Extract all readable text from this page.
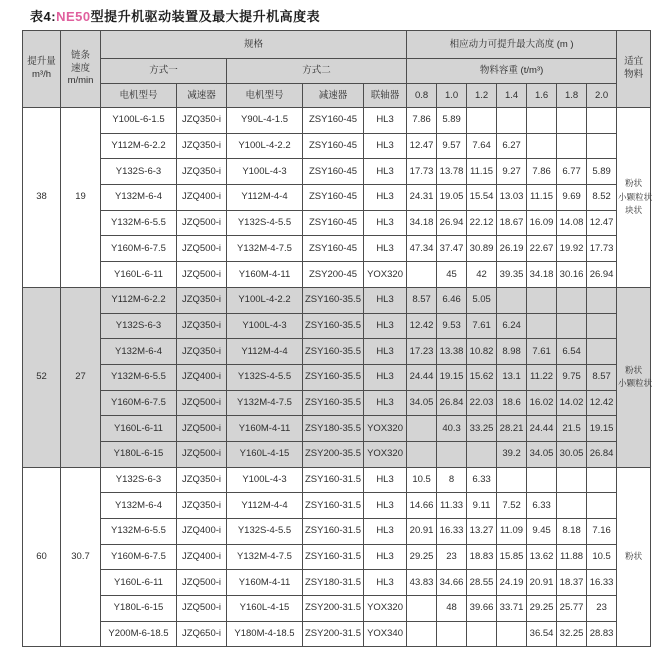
表4:NE50型提升机驱动装置及最大提升机高度表
提升量
m³/h

链条
速度
m/min
	规格	相应动力可提升最大高度 (m )	
适宜
物料

		方式一		方式二			物料容重 (t/m³)							
		电机型号	减速器	电机型号	减速器	联轴器	0.8	1.0	1.2	1.4	1.6	1.8	2.0	
38	19	Y100L-6-1.5	JZQ350-i	Y90L-4-1.5	ZSY160-45	HL3	7.86	5.89						粉状
小颗粒状
块状

		Y112M-6-2.2	JZQ350-i	Y100L-4-2.2	ZSY160-45	HL3	12.47	9.57	7.64	6.27				
		Y132S-6-3	JZQ350-i	Y100L-4-3	ZSY160-45	HL3	17.73	13.78	11.15	9.27	7.86	6.77	5.89	
		Y132M-6-4	JZQ400-i	Y112M-4-4	ZSY160-45	HL3	24.31	19.05	15.54	13.03	11.15	9.69	8.52	
		Y132M-6-5.5	JZQ500-i	Y132S-4-5.5	ZSY160-45	HL3	34.18	26.94	22.12	18.67	16.09	14.08	12.47	
		Y160M-6-7.5	JZQ500-i	Y132M-4-7.5	ZSY160-45	HL3	47.34	37.47	30.89	26.19	22.67	19.92	17.73	
		Y160L-6-11	JZQ500-i	Y160M-4-11	ZSY200-45	YOX320		45	42	39.35	34.18	30.16	26.94	
52	27	Y112M-6-2.2	JZQ350-i	Y100L-4-2.2	ZSY160-35.5	HL3	8.57	6.46	5.05					粉状
小颗粒状

		Y132S-6-3	JZQ350-i	Y100L-4-3	ZSY160-35.5	HL3	12.42	9.53	7.61	6.24				
		Y132M-6-4	JZQ350-i	Y112M-4-4	ZSY160-35.5	HL3	17.23	13.38	10.82	8.98	7.61	6.54		
		Y132M-6-5.5	JZQ400-i	Y132S-4-5.5	ZSY160-35.5	HL3	24.44	19.15	15.62	13.1	11.22	9.75	8.57	
		Y160M-6-7.5	JZQ500-i	Y132M-4-7.5	ZSY160-35.5	HL3	34.05	26.84	22.03	18.6	16.02	14.02	12.42	
		Y160L-6-11	JZQ500-i	Y160M-4-11	ZSY180-35.5	YOX320		40.3	33.25	28.21	24.44	21.5	19.15	
		Y180L-6-15	JZQ500-i	Y160L-4-15	ZSY200-35.5	YOX320				39.2	34.05	30.05	26.84	
60	30.7	Y132S-6-3	JZQ350-i	Y100L-4-3	ZSY160-31.5	HL3	10.5	8	6.33					粉状

		Y132M-6-4	JZQ350-i	Y112M-4-4	ZSY160-31.5	HL3	14.66	11.33	9.11	7.52	6.33			
		Y132M-6-5.5	JZQ400-i	Y132S-4-5.5	ZSY160-31.5	HL3	20.91	16.33	13.27	11.09	9.45	8.18	7.16	
		Y160M-6-7.5	JZQ400-i	Y132M-4-7.5	ZSY160-31.5	HL3	29.25	23	18.83	15.85	13.62	11.88	10.5	
		Y160L-6-11	JZQ500-i	Y160M-4-11	ZSY180-31.5	HL3	43.83	34.66	28.55	24.19	20.91	18.37	16.33	
		Y180L-6-15	JZQ500-i	Y160L-4-15	ZSY200-31.5	YOX320		48	39.66	33.71	29.25	25.77	23	
		Y200M-6-18.5	JZQ650-i	Y180M-4-18.5	ZSY200-31.5	YOX340					36.54	32.25	28.83	
